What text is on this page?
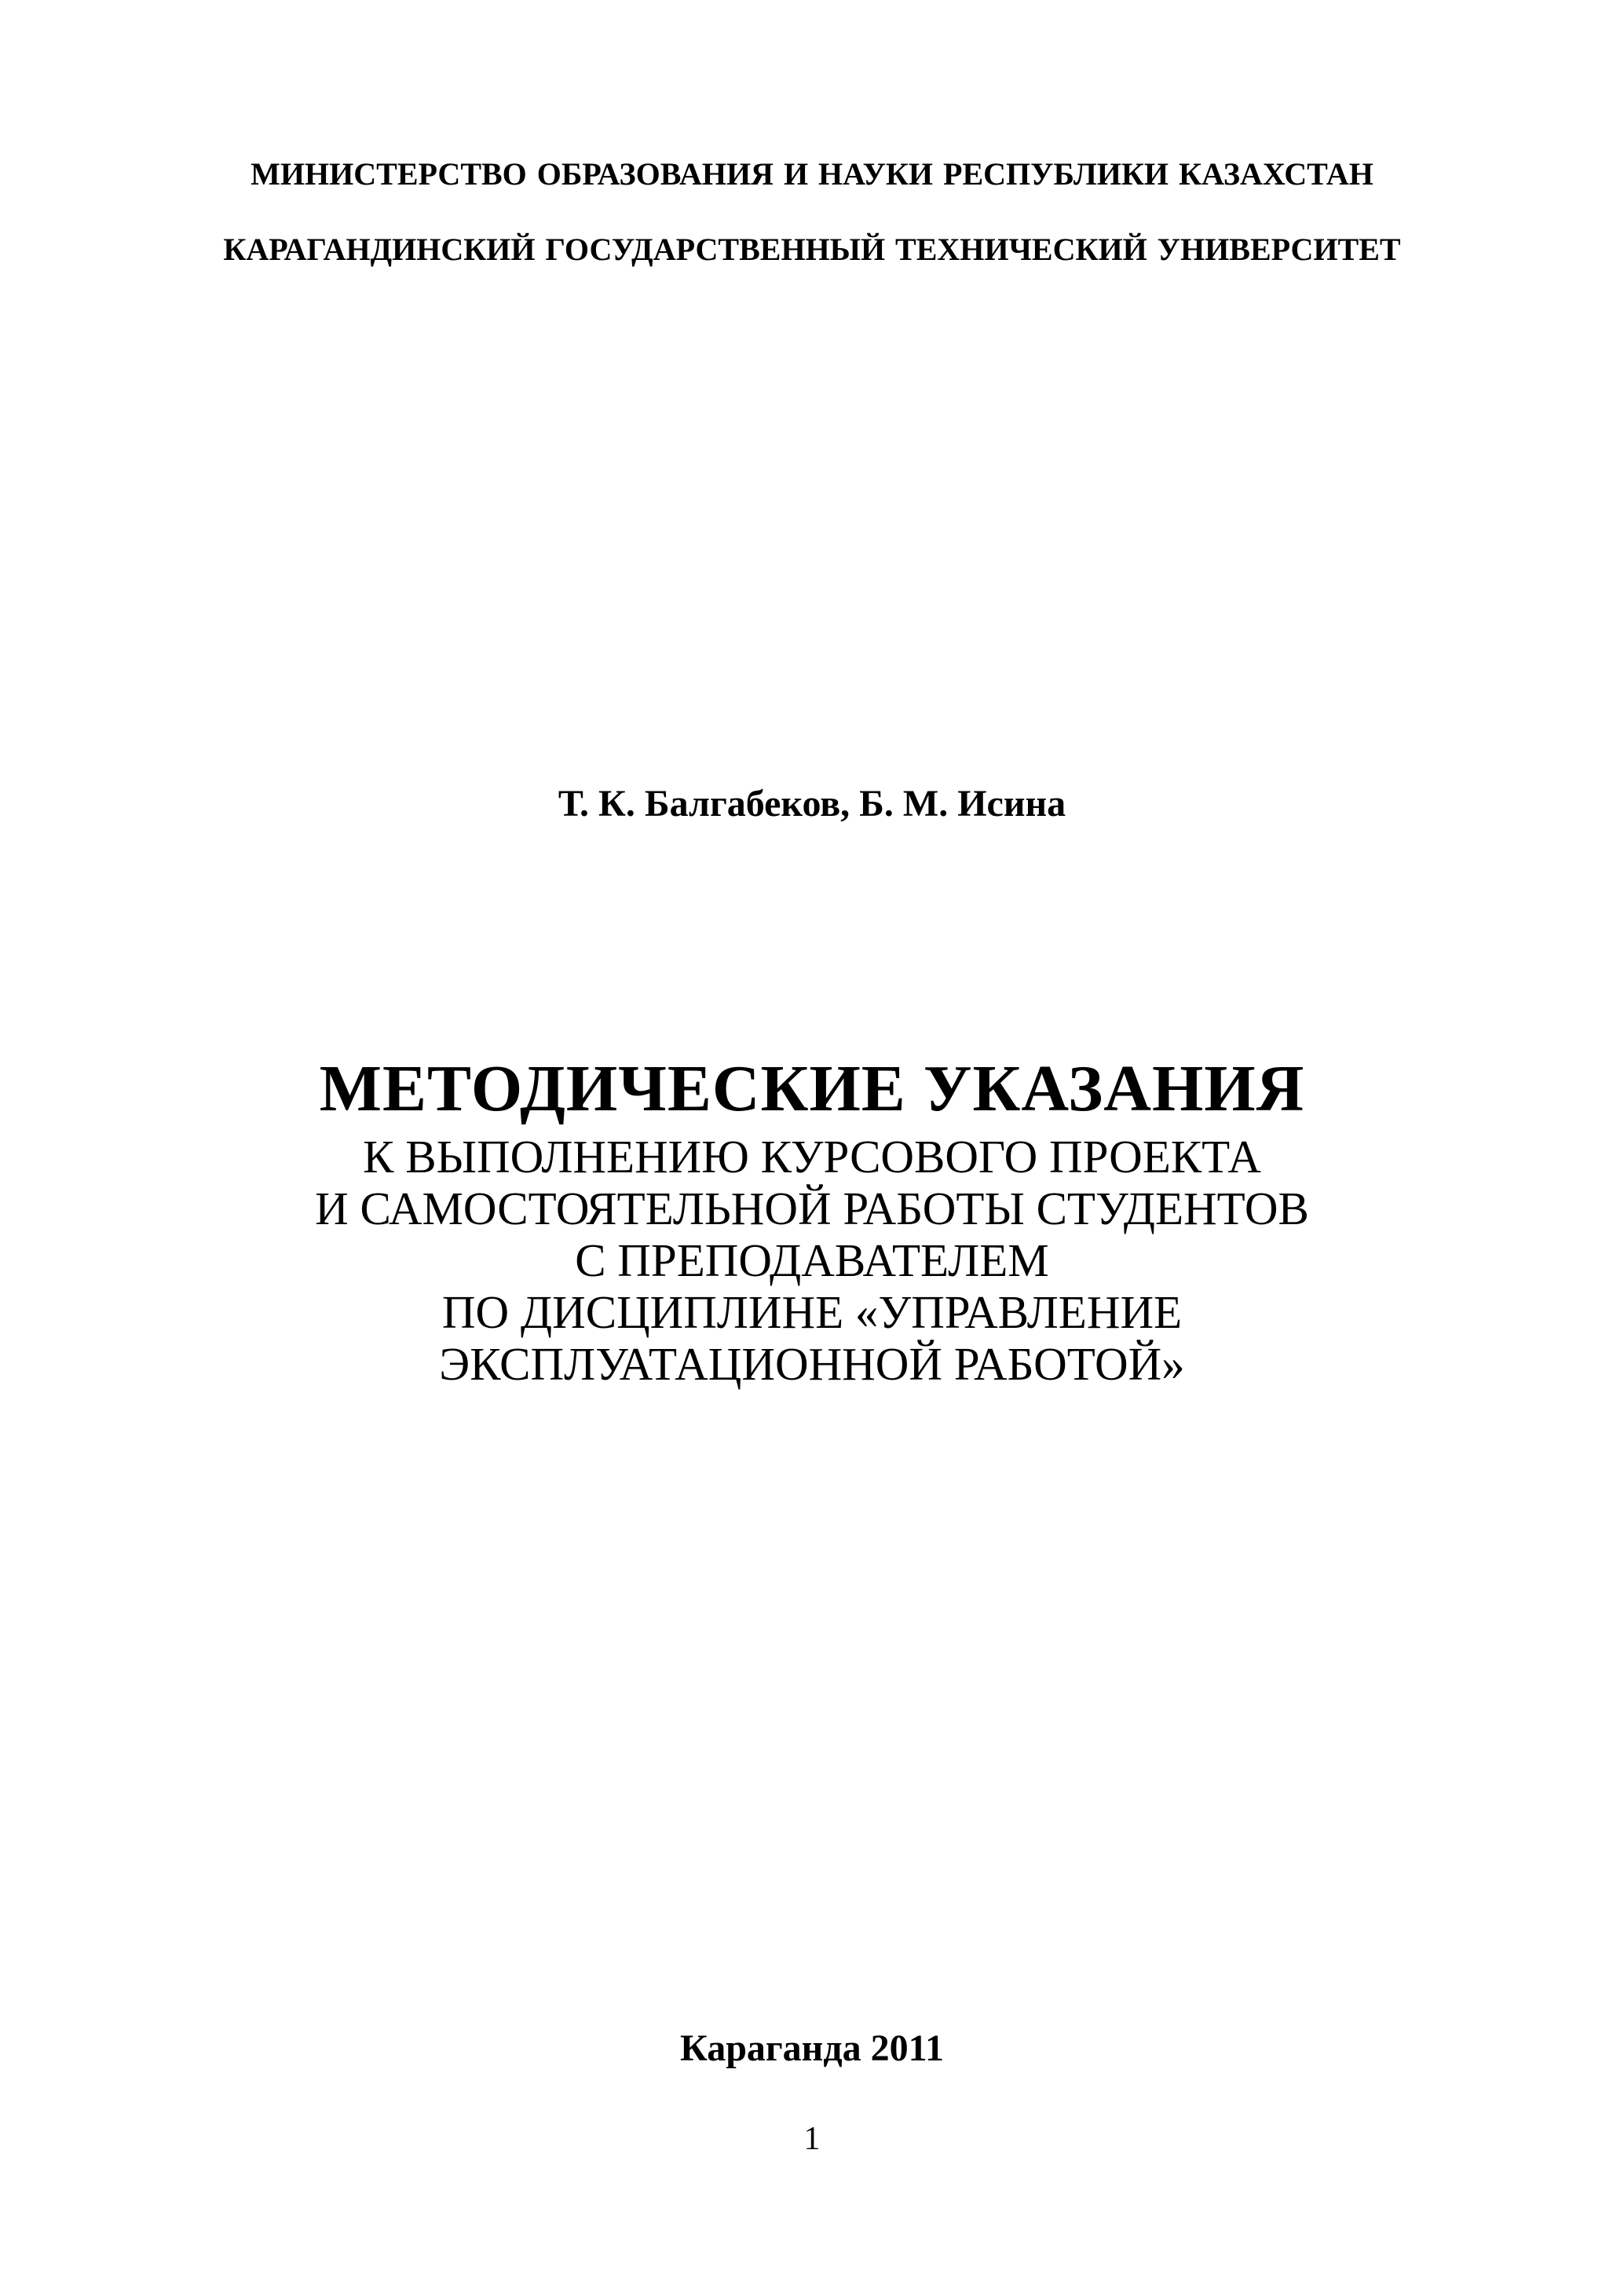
МИНИСТЕРСТВО ОБРАЗОВАНИЯ И НАУКИ РЕСПУБЛИКИ КАЗАХСТАН
КАРАГАНДИНСКИЙ ГОСУДАРСТВЕННЫЙ ТЕХНИЧЕСКИЙ УНИВЕРСИТЕТ
Т. К. Балгабеков, Б. М. Исина
МЕТОДИЧЕСКИЕ УКАЗАНИЯ
К ВЫПОЛНЕНИЮ КУРСОВОГО ПРОЕКТА
И САМОСТОЯТЕЛЬНОЙ РАБОТЫ СТУДЕНТОВ
С ПРЕПОДАВАТЕЛЕМ
ПО ДИСЦИПЛИНЕ «УПРАВЛЕНИЕ
ЭКСПЛУАТАЦИОННОЙ РАБОТОЙ»
Караганда 2011
1
